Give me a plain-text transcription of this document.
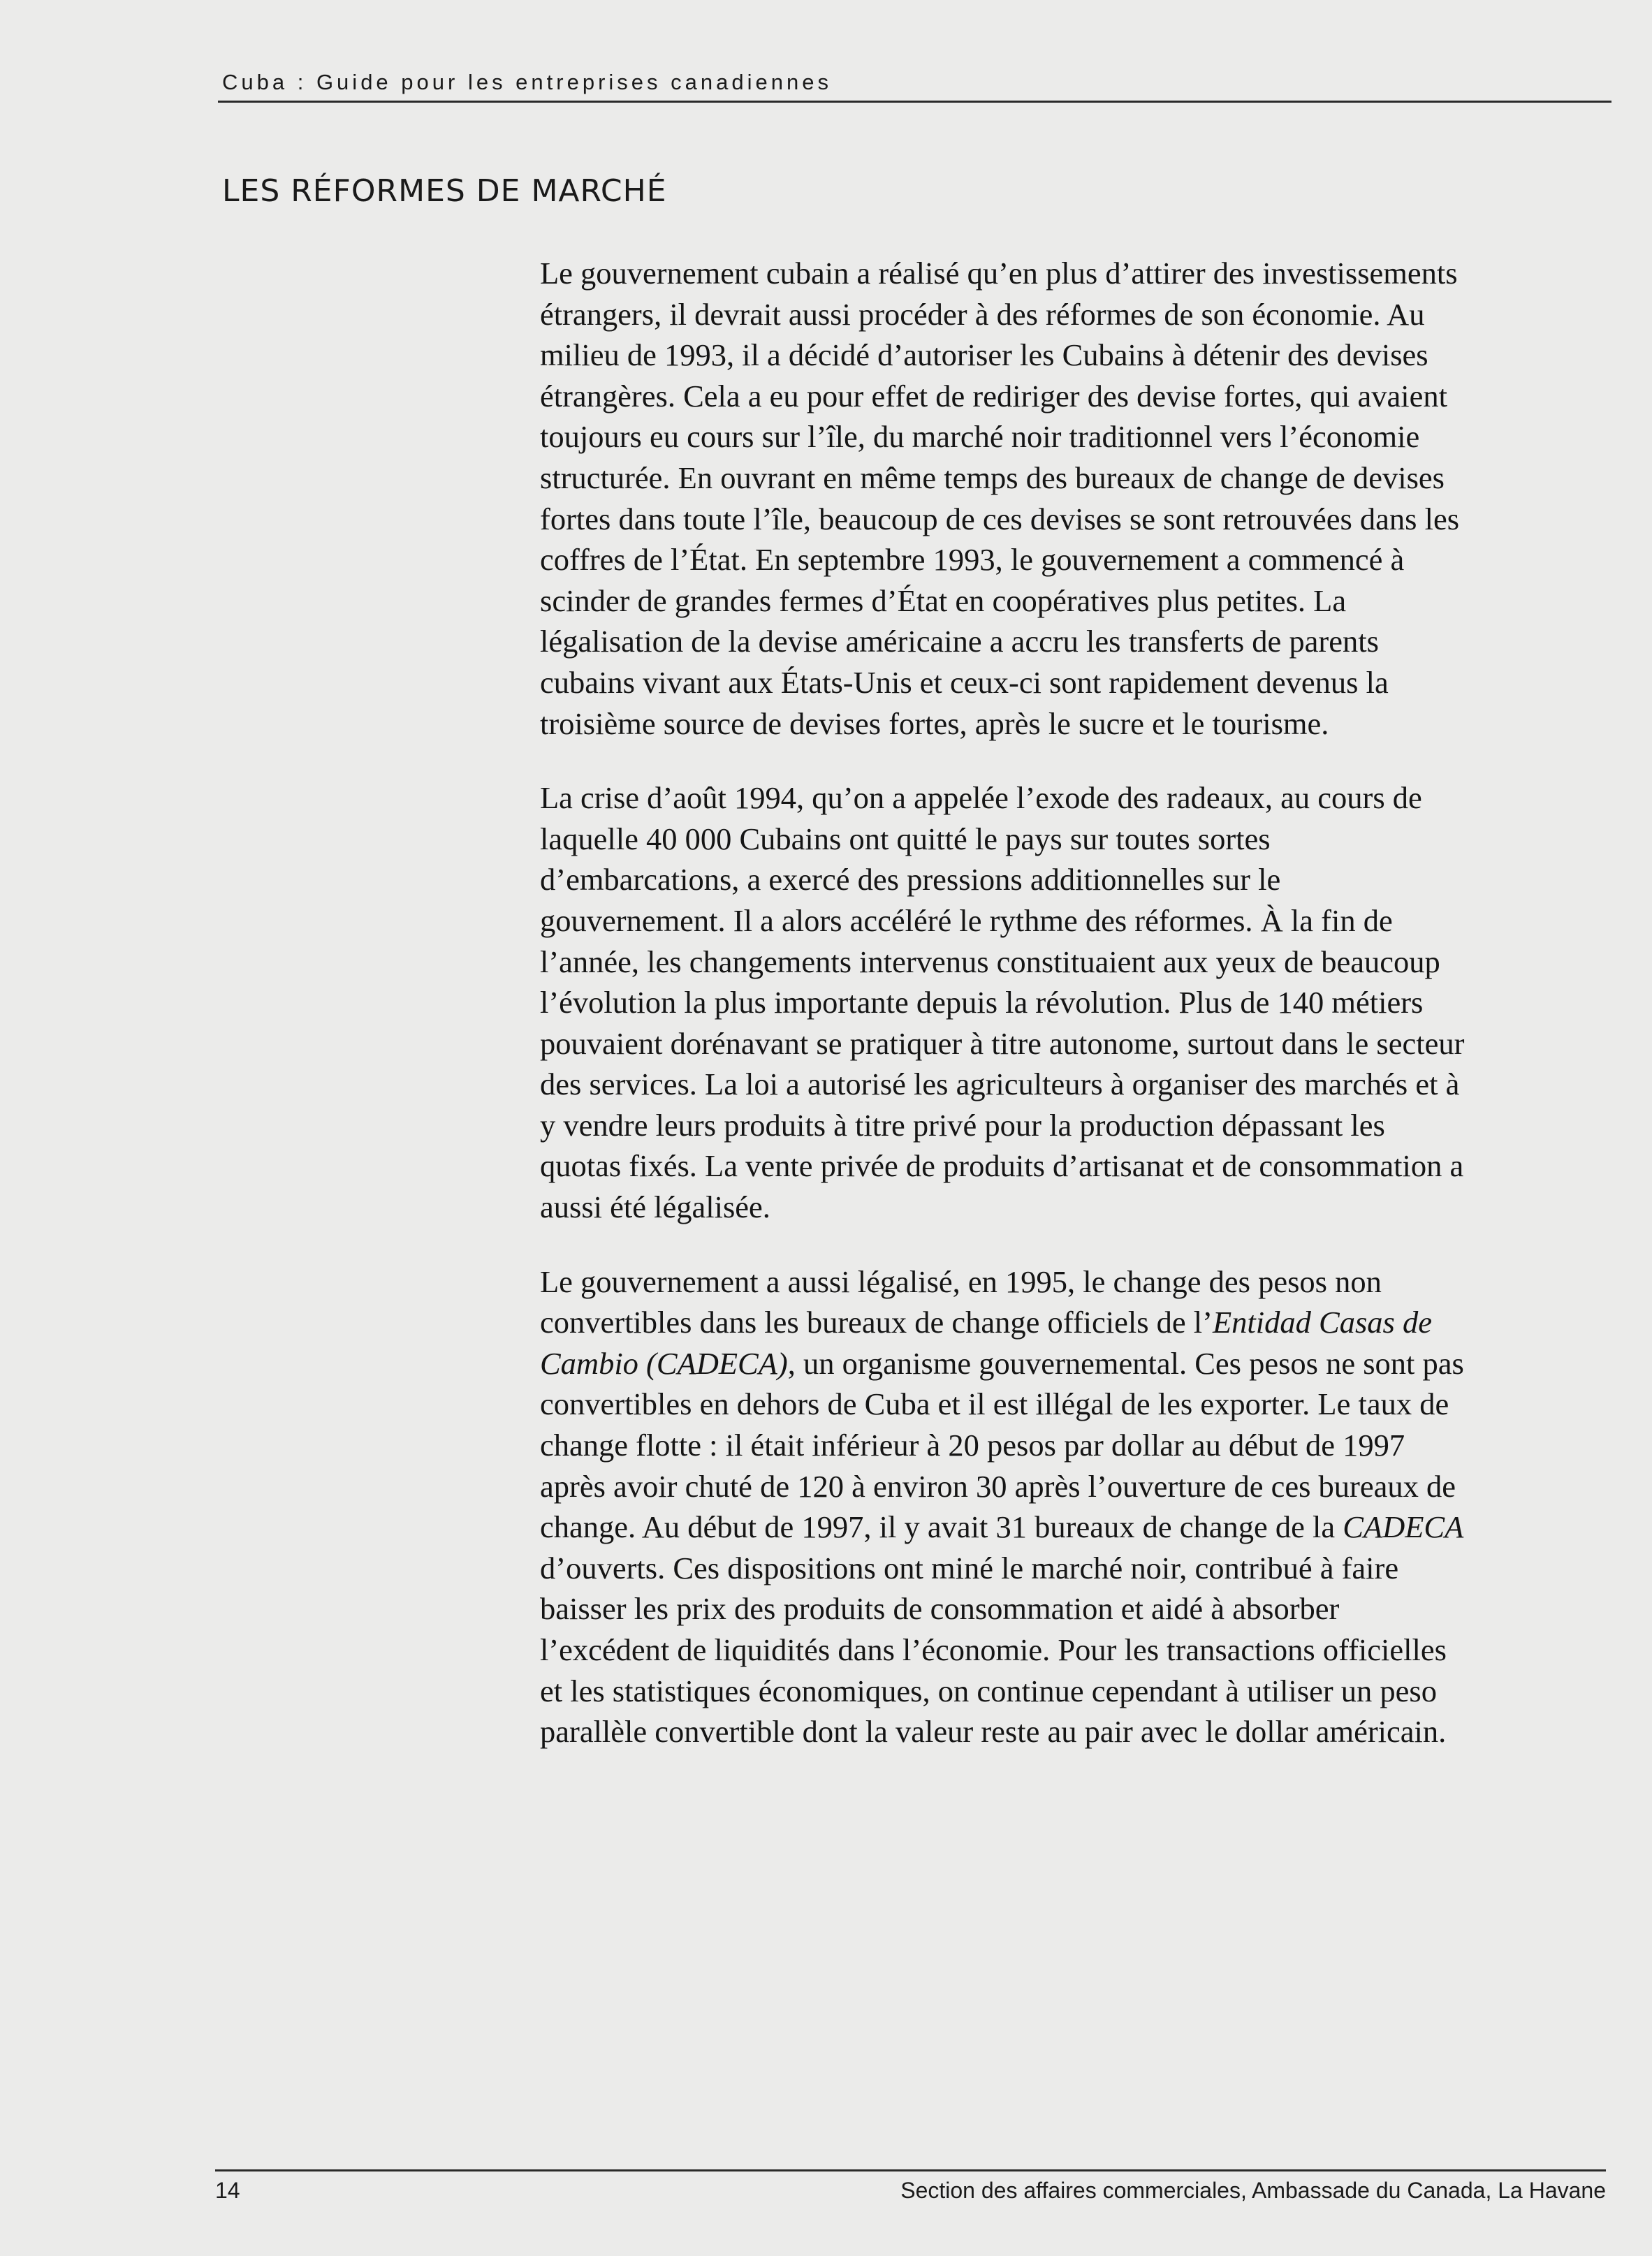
Cuba : Guide pour les entreprises canadiennes
LES RÉFORMES DE MARCHÉ

Le gouvernement cubain a réalisé qu’en plus d’attirer des investissements étrangers, il devrait aussi procéder à des réformes de son économie. Au milieu de 1993, il a décidé d’autoriser les Cubains à détenir des devises étrangères. Cela a eu pour effet de rediriger des devise fortes, qui avaient toujours eu cours sur l’île, du marché noir traditionnel vers l’économie structurée. En ouvrant en même temps des bureaux de change de devises fortes dans toute l’île, beaucoup de ces devises se sont retrouvées dans les coffres de l’État. En septembre 1993, le gouvernement a commencé à scinder de grandes fermes d’État en coopératives plus petites. La légalisation de la devise américaine a accru les transferts de parents cubains vivant aux États-Unis et ceux-ci sont rapidement devenus la troisième source de devises fortes, après le sucre et le tourisme.

La crise d’août 1994, qu’on a appelée l’exode des radeaux, au cours de laquelle 40 000 Cubains ont quitté le pays sur toutes sortes d’embarcations, a exercé des pressions additionnelles sur le gouvernement. Il a alors accéléré le rythme des réformes. À la fin de l’année, les changements intervenus constituaient aux yeux de beaucoup l’évolution la plus importante depuis la révolution. Plus de 140 métiers pouvaient dorénavant se pratiquer à titre autonome, surtout dans le secteur des services. La loi a autorisé les agriculteurs à organiser des marchés et à y vendre leurs produits à titre privé pour la production dépassant les quotas fixés. La vente privée de produits d’artisanat et de consommation a aussi été légalisée.

Le gouvernement a aussi légalisé, en 1995, le change des pesos non convertibles dans les bureaux de change officiels de l’Entidad Casas de Cambio (CADECA), un organisme gouvernemental. Ces pesos ne sont pas convertibles en dehors de Cuba et il est illégal de les exporter. Le taux de change flotte : il était inférieur à 20 pesos par dollar au début de 1997 après avoir chuté de 120 à environ 30 après l’ouverture de ces bureaux de change. Au début de 1997, il y avait 31 bureaux de change de la CADECA d’ouverts. Ces dispositions ont miné le marché noir, contribué à faire baisser les prix des produits de consommation et aidé à absorber l’excédent de liquidités dans l’économie. Pour les transactions officielles et les statistiques économiques, on continue cependant à utiliser un peso parallèle convertible dont la valeur reste au pair avec le dollar américain.

14	Section des affaires commerciales, Ambassade du Canada, La Havane
